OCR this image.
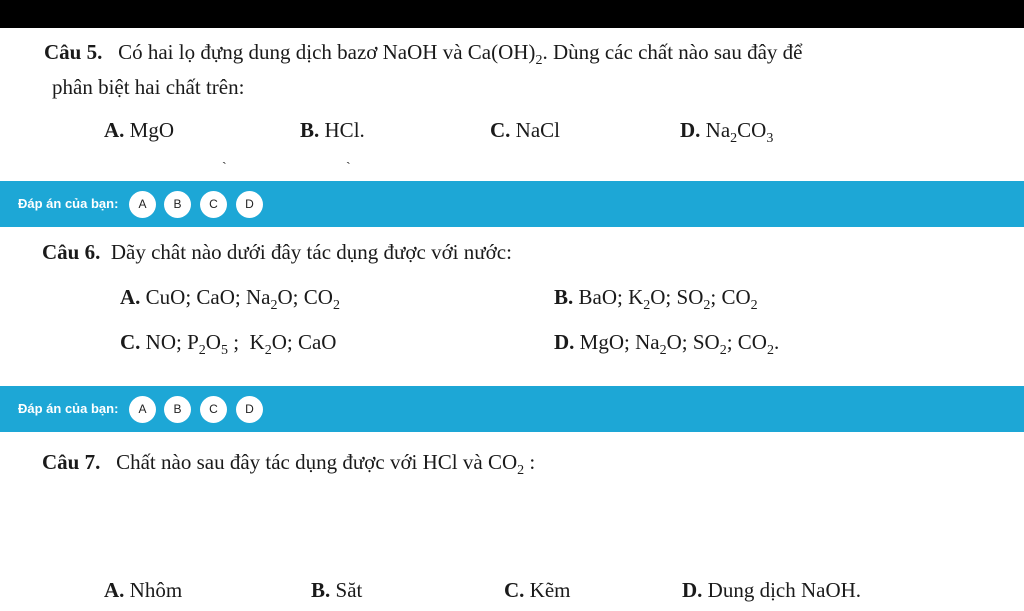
Câu 5. Có hai lọ đựng dung dịch bazơ NaOH và $Ca(OH)_2$. Dùng các chất nào sau đây để
phân biệt hai chất trên:
A. MgO	B. HCl.	C. NaCl	D. $Na_2CO_3$
ˏ	ˎ
Đáp án của bạn:	A	B	C	D
Câu 6. Dãy chât nào dưới đây tác dụng được với nước:
A. CuO; CaO; $Na_2O$; $CO_2$	B. BaO; $K_2O$; $SO_2$; $CO_2$
C. NO; $P_2O_5$ ;  $K_2O$; CaO	D. MgO; $Na_2O$; $SO_2$; $CO_2$.
Đáp án của bạn:	A	B	C	D
Câu 7. Chất nào sau đây tác dụng được với HCl và $CO_2$ :
A. Nhôm	B. Săt	C. Kẽm	D. Dung dịch NaOH.
